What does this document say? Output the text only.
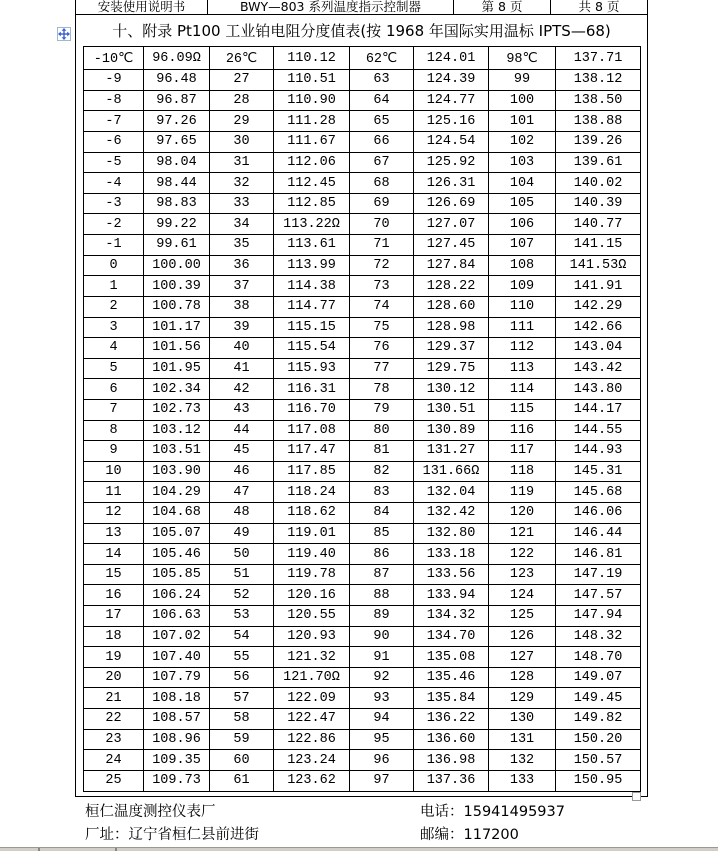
安装使用说明书	BWY—803 系列温度指示控制器	第 8 页	共 8 页
十、附录 Pt100 工业铂电阻分度值表(按 1968 年国际实用温标 IPTS—68)
-10℃	96.09Ω	26℃	110.12	62℃	124.01	98℃	137.71
-9	96.48	27	110.51	63	124.39	99	138.12
-8	96.87	28	110.90	64	124.77	100	138.50
-7	97.26	29	111.28	65	125.16	101	138.88
-6	97.65	30	111.67	66	124.54	102	139.26
-5	98.04	31	112.06	67	125.92	103	139.61
-4	98.44	32	112.45	68	126.31	104	140.02
-3	98.83	33	112.85	69	126.69	105	140.39
-2	99.22	34	113.22Ω	70	127.07	106	140.77
-1	99.61	35	113.61	71	127.45	107	141.15
0	100.00	36	113.99	72	127.84	108	141.53Ω
1	100.39	37	114.38	73	128.22	109	141.91
2	100.78	38	114.77	74	128.60	110	142.29
3	101.17	39	115.15	75	128.98	111	142.66
4	101.56	40	115.54	76	129.37	112	143.04
5	101.95	41	115.93	77	129.75	113	143.42
6	102.34	42	116.31	78	130.12	114	143.80
7	102.73	43	116.70	79	130.51	115	144.17
8	103.12	44	117.08	80	130.89	116	144.55
9	103.51	45	117.47	81	131.27	117	144.93
10	103.90	46	117.85	82	131.66Ω	118	145.31
11	104.29	47	118.24	83	132.04	119	145.68
12	104.68	48	118.62	84	132.42	120	146.06
13	105.07	49	119.01	85	132.80	121	146.44
14	105.46	50	119.40	86	133.18	122	146.81
15	105.85	51	119.78	87	133.56	123	147.19
16	106.24	52	120.16	88	133.94	124	147.57
17	106.63	53	120.55	89	134.32	125	147.94
18	107.02	54	120.93	90	134.70	126	148.32
19	107.40	55	121.32	91	135.08	127	148.70
20	107.79	56	121.70Ω	92	135.46	128	149.07
21	108.18	57	122.09	93	135.84	129	149.45
22	108.57	58	122.47	94	136.22	130	149.82
23	108.96	59	122.86	95	136.60	131	150.20
24	109.35	60	123.24	96	136.98	132	150.57
25	109.73	61	123.62	97	137.36	133	150.95
桓仁温度测控仪表厂	电话：15941495937
厂址：辽宁省桓仁县前进街	邮编：117200
